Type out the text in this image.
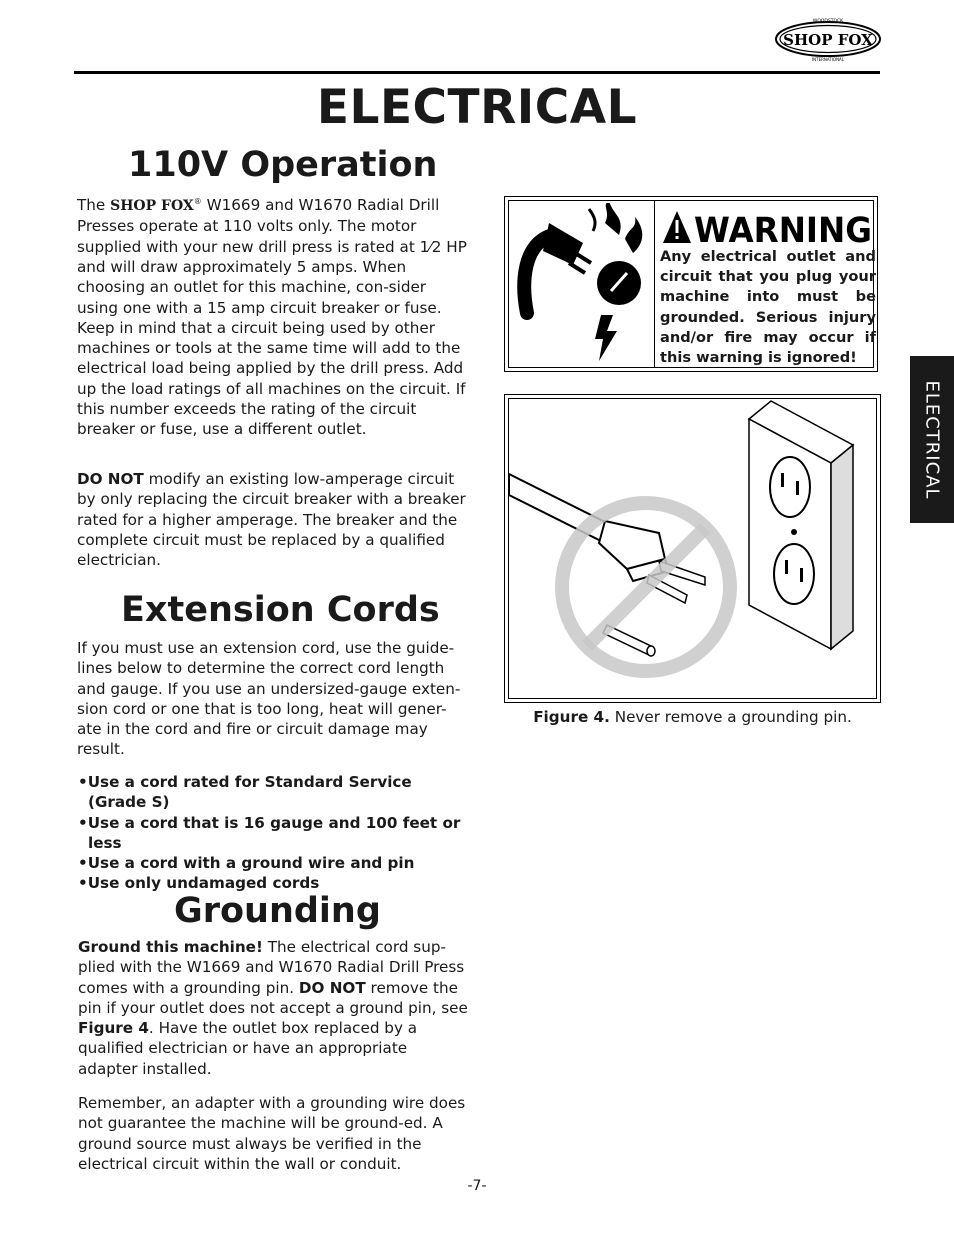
SHOP FOX
WOODSTOCK
INTERNATIONAL
ELECTRICAL
110V Operation

The SHOP FOX® W1669 and W1670 Radial Drill Presses operate at 110 volts only. The motor supplied with your new drill press is rated at 1⁄2 HP and will draw approximately 5 amps. When choosing an outlet for this machine, con-sider using one with a 15 amp circuit breaker or fuse. Keep in mind that a circuit being used by other machines or tools at the same time will add to the electrical load being applied by the drill press. Add up the load ratings of all machines on the circuit. If this number exceeds the rating of the circuit breaker or fuse, use a different outlet.

DO NOT modify an existing low-amperage circuit by only replacing the circuit breaker with a breaker rated for a higher amperage. The breaker and the complete circuit must be replaced by a qualified electrician.

Extension Cords

If you must use an extension cord, use the guide-lines below to determine the correct cord length and gauge. If you use an undersized-gauge exten-sion cord or one that is too long, heat will gener-ate in the cord and fire or circuit damage may result.

•Use a cord rated for Standard Service (Grade S)
•Use a cord that is 16 gauge and 100 feet or less
•Use a cord with a ground wire and pin
•Use only undamaged cords
Grounding

Ground this machine! The electrical cord sup-plied with the W1669 and W1670 Radial Drill Press comes with a grounding pin. DO NOT remove the pin if your outlet does not accept a ground pin, see Figure 4. Have the outlet box replaced by a qualified electrician or have an appropriate adapter installed.

Remember, an adapter with a grounding wire does not guarantee the machine will be ground-ed. A ground source must always be verified in the electrical circuit within the wall or conduit.

WARNING

Any electrical outlet and circuit that you plug your machine into must be grounded. Serious injury and/or fire may occur if this warning is ignored!

Figure 4. Never remove a grounding pin.

ELECTRICAL
-7-
